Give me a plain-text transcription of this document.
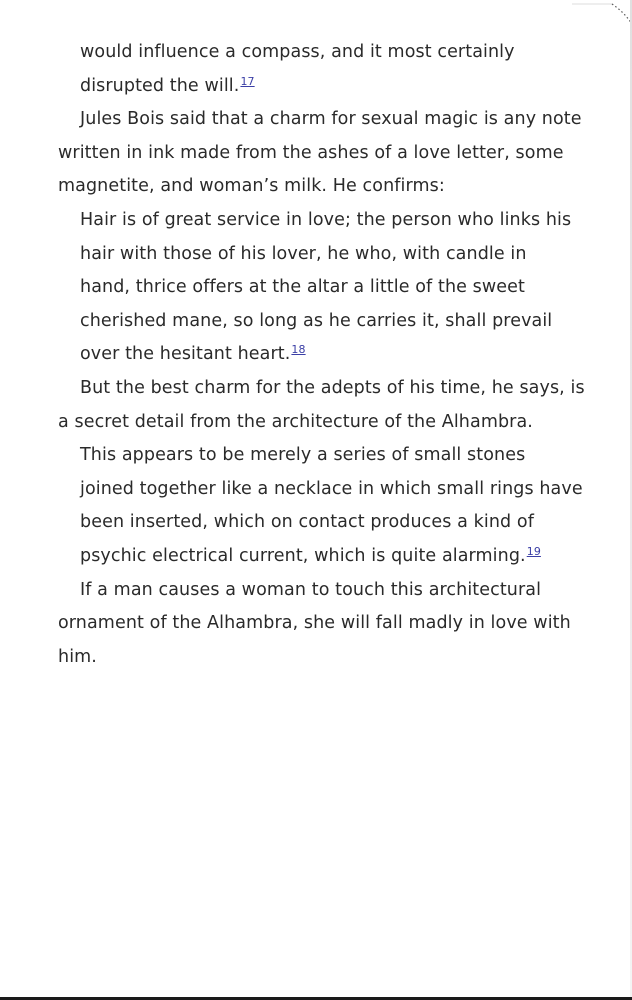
would influence a compass, and it most certainly
disrupted the will.$^{17}$
Jules Bois said that a charm for sexual magic is any note
written in ink made from the ashes of a love letter, some
magnetite, and woman’s milk. He confirms:
Hair is of great service in love; the person who links his
hair with those of his lover, he who, with candle in
hand, thrice offers at the altar a little of the sweet
cherished mane, so long as he carries it, shall prevail
over the hesitant heart.$^{18}$
But the best charm for the adepts of his time, he says, is
a secret detail from the architecture of the Alhambra.
This appears to be merely a series of small stones
joined together like a necklace in which small rings have
been inserted, which on contact produces a kind of
psychic electrical current, which is quite alarming.$^{19}$
If a man causes a woman to touch this architectural
ornament of the Alhambra, she will fall madly in love with
him.
